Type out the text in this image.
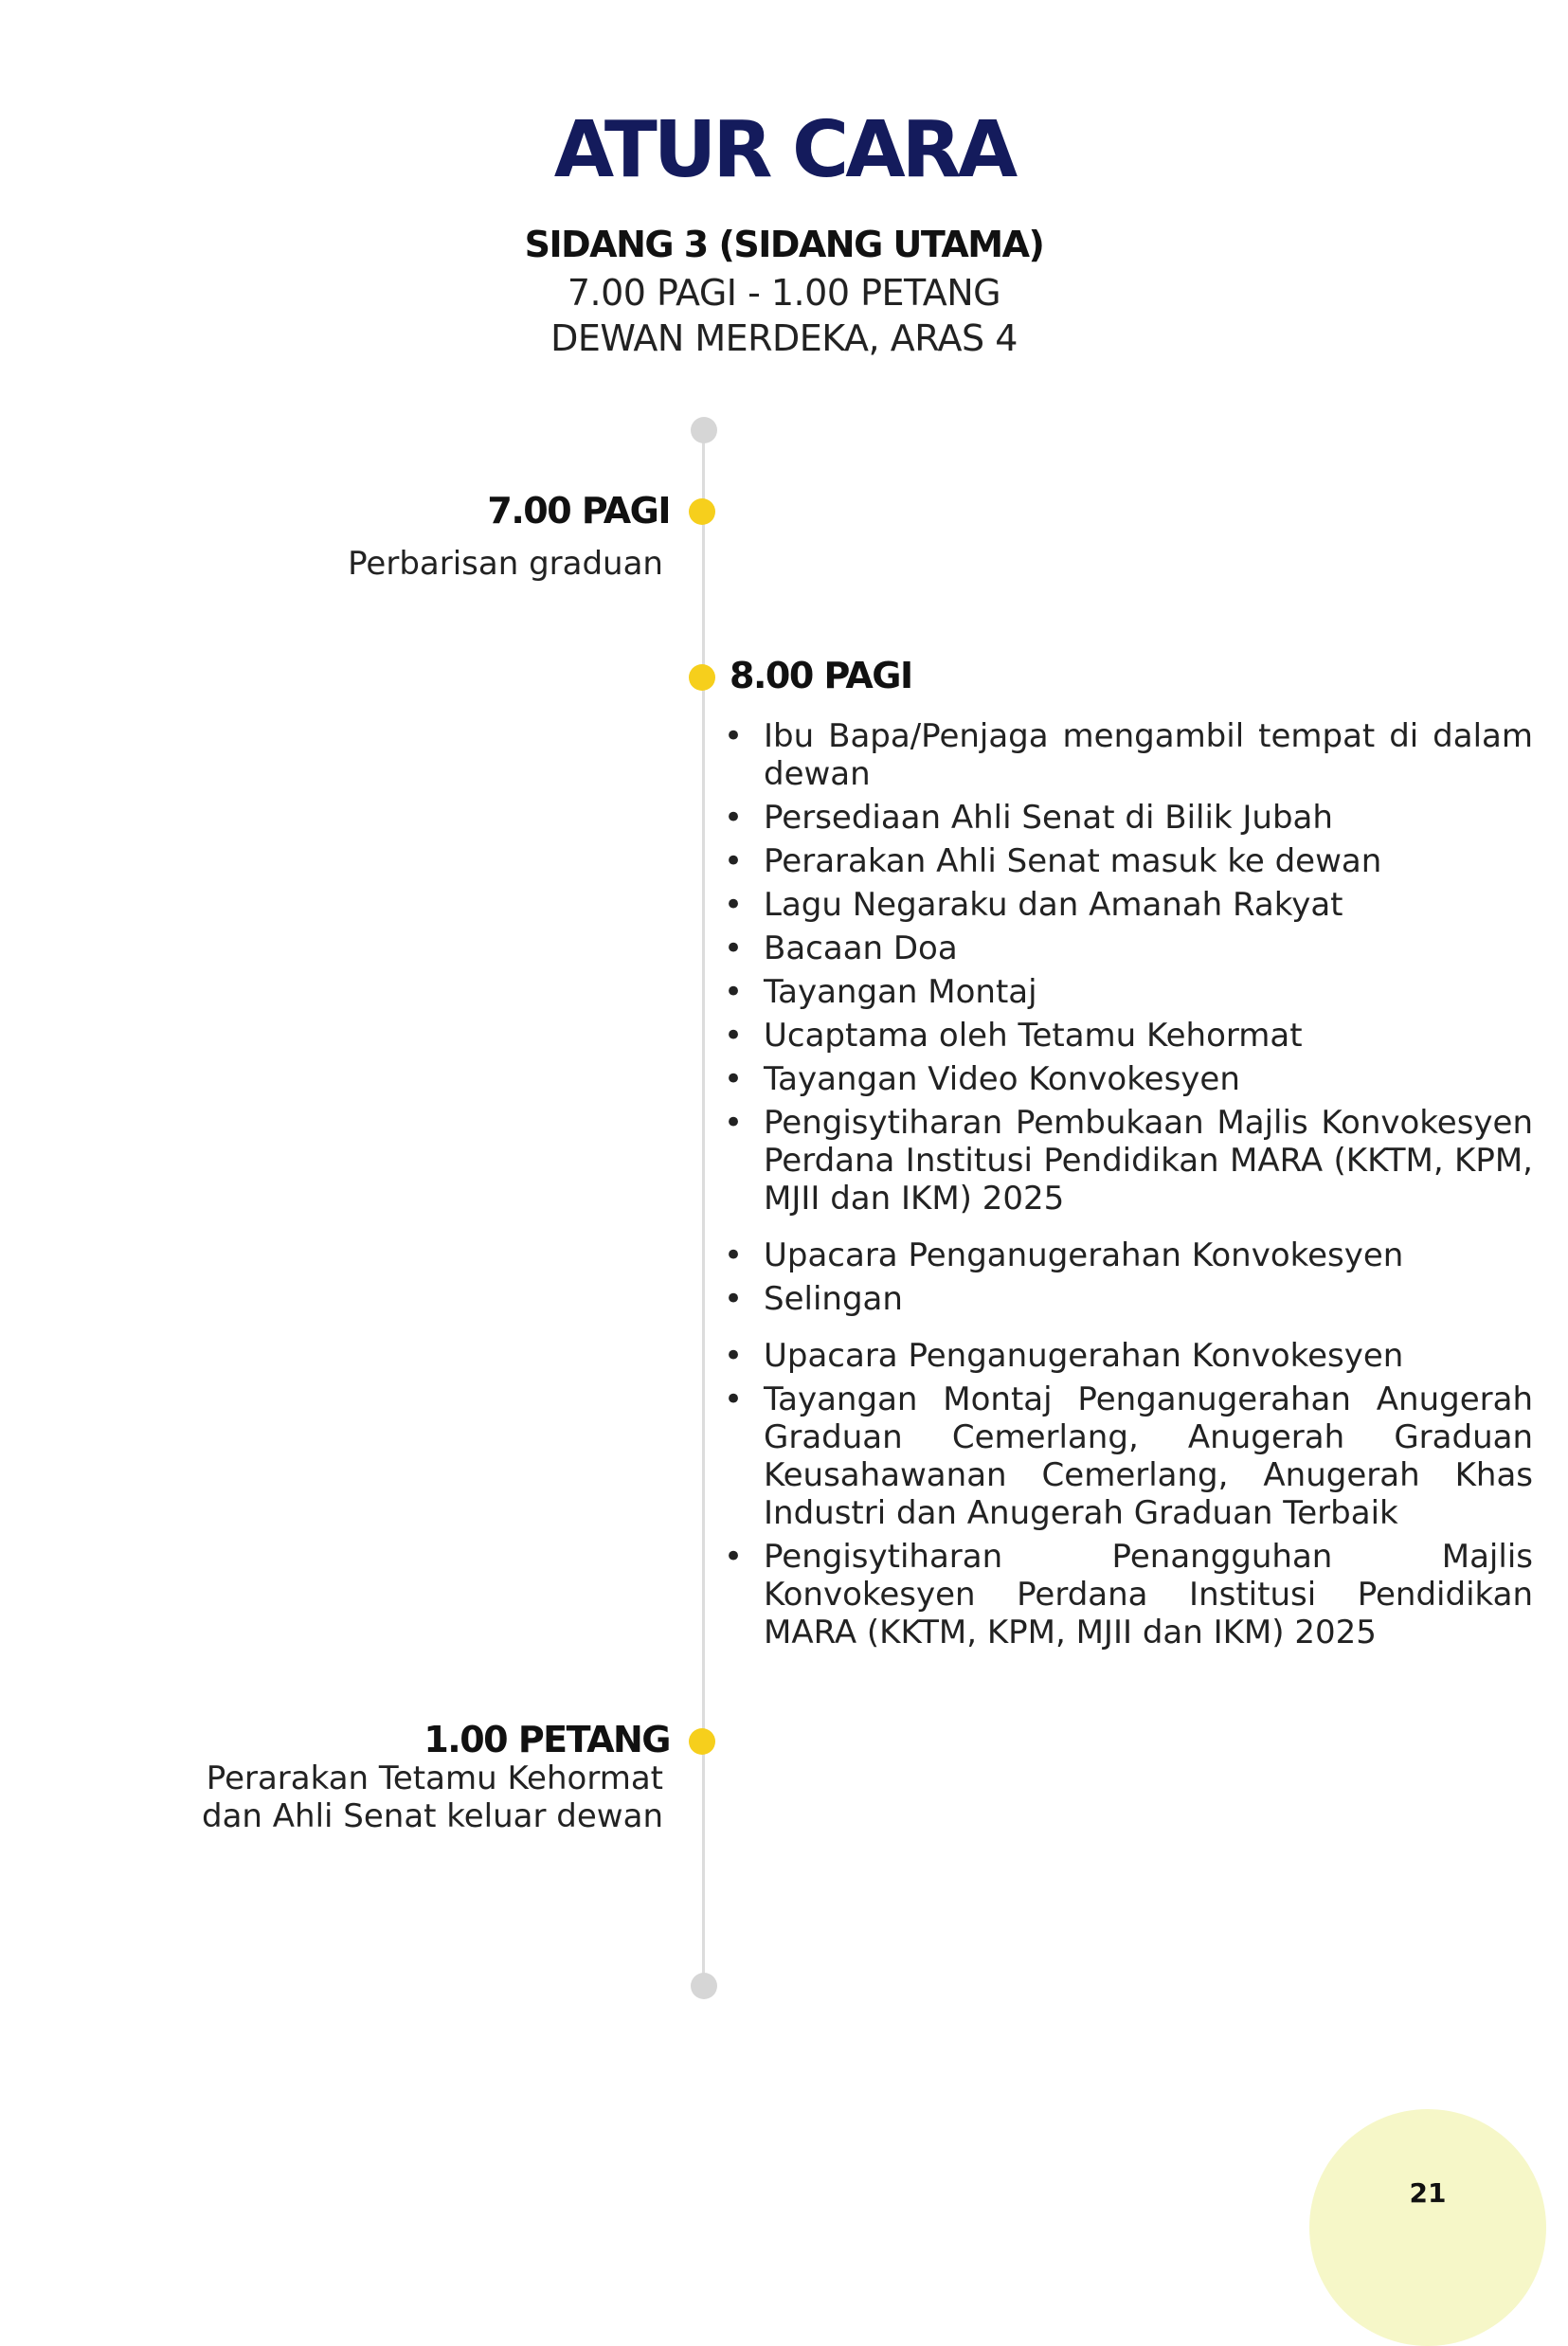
ATUR CARA
SIDANG 3 (SIDANG UTAMA)
7.00 PAGI - 1.00 PETANG
DEWAN MERDEKA, ARAS 4
7.00 PAGI
Perbarisan graduan
8.00 PAGI
• Ibu Bapa/Penjaga mengambil tempat di dalam dewan
• Persediaan Ahli Senat di Bilik Jubah
• Perarakan Ahli Senat masuk ke dewan
• Lagu Negaraku dan Amanah Rakyat
• Bacaan Doa
• Tayangan Montaj
• Ucaptama oleh Tetamu Kehormat
• Tayangan Video Konvokesyen
• Pengisytiharan Pembukaan Majlis Konvokesyen Perdana Institusi Pendidikan MARA (KKTM, KPM, MJII dan IKM) 2025
• Upacara Penganugerahan Konvokesyen
• Selingan
• Upacara Penganugerahan Konvokesyen
• Tayangan Montaj Penganugerahan Anugerah Graduan Cemerlang, Anugerah Graduan Keusahawanan Cemerlang, Anugerah Khas Industri dan Anugerah Graduan Terbaik
• Pengisytiharan Penangguhan Majlis Konvokesyen Perdana Institusi Pendidikan MARA (KKTM, KPM, MJII dan IKM) 2025
1.00 PETANG
Perarakan Tetamu Kehormat
dan Ahli Senat keluar dewan
21
